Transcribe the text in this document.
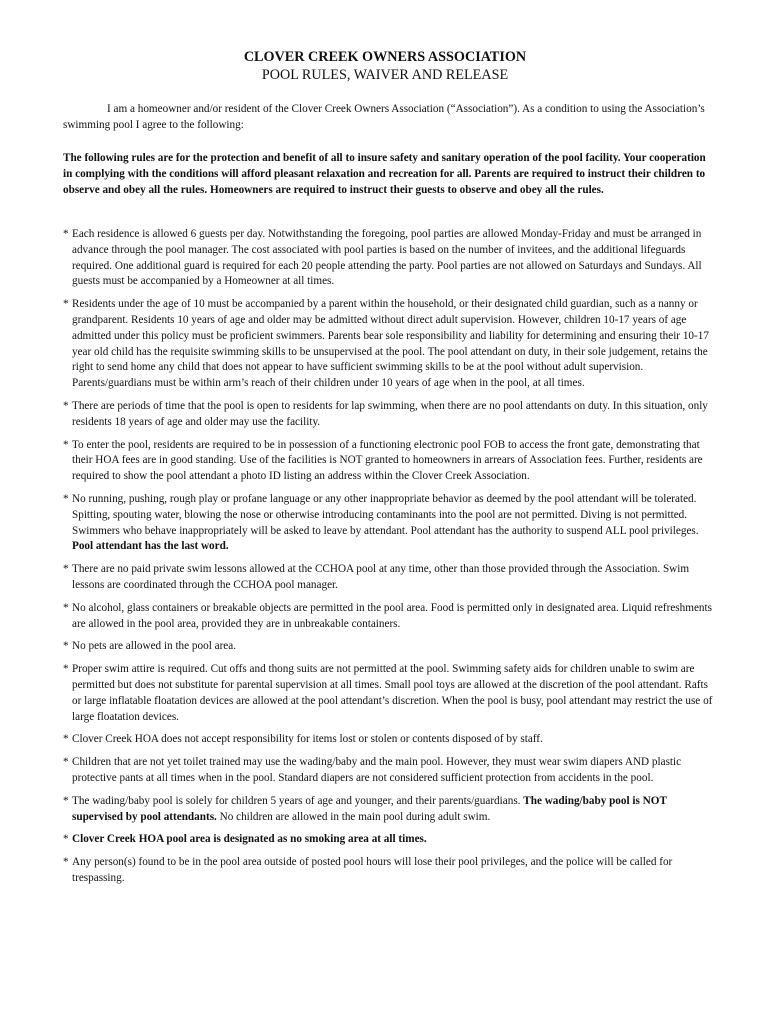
CLOVER CREEK OWNERS ASSOCIATION

POOL RULES, WAIVER AND RELEASE

I am a homeowner and/or resident of the Clover Creek Owners Association (“Association”). As a condition to using the Association’s swimming pool I agree to the following:

The following rules are for the protection and benefit of all to insure safety and sanitary operation of the pool facility. Your cooperation in complying with the conditions will afford pleasant relaxation and recreation for all. Parents are required to instruct their children to observe and obey all the rules. Homeowners are required to instruct their guests to observe and obey all the rules.

* Each residence is allowed 6 guests per day. Notwithstanding the foregoing, pool parties are allowed Monday-Friday and must be arranged in advance through the pool manager. The cost associated with pool parties is based on the number of invitees, and the additional lifeguards required. One additional guard is required for each 20 people attending the party. Pool parties are not allowed on Saturdays and Sundays. All guests must be accompanied by a Homeowner at all times.

* Residents under the age of 10 must be accompanied by a parent within the household, or their designated child guardian, such as a nanny or grandparent. Residents 10 years of age and older may be admitted without direct adult supervision. However, children 10-17 years of age admitted under this policy must be proficient swimmers. Parents bear sole responsibility and liability for determining and ensuring their 10-17 year old child has the requisite swimming skills to be unsupervised at the pool. The pool attendant on duty, in their sole judgement, retains the right to send home any child that does not appear to have sufficient swimming skills to be at the pool without adult supervision. Parents/guardians must be within arm’s reach of their children under 10 years of age when in the pool, at all times.

* There are periods of time that the pool is open to residents for lap swimming, when there are no pool attendants on duty. In this situation, only residents 18 years of age and older may use the facility.

* To enter the pool, residents are required to be in possession of a functioning electronic pool FOB to access the front gate, demonstrating that their HOA fees are in good standing. Use of the facilities is NOT granted to homeowners in arrears of Association fees. Further, residents are required to show the pool attendant a photo ID listing an address within the Clover Creek Association.

* No running, pushing, rough play or profane language or any other inappropriate behavior as deemed by the pool attendant will be tolerated. Spitting, spouting water, blowing the nose or otherwise introducing contaminants into the pool are not permitted. Diving is not permitted. Swimmers who behave inappropriately will be asked to leave by attendant. Pool attendant has the authority to suspend ALL pool privileges. Pool attendant has the last word.

* There are no paid private swim lessons allowed at the CCHOA pool at any time, other than those provided through the Association. Swim lessons are coordinated through the CCHOA pool manager.

* No alcohol, glass containers or breakable objects are permitted in the pool area. Food is permitted only in designated area. Liquid refreshments are allowed in the pool area, provided they are in unbreakable containers.

* No pets are allowed in the pool area.

* Proper swim attire is required. Cut offs and thong suits are not permitted at the pool. Swimming safety aids for children unable to swim are permitted but does not substitute for parental supervision at all times. Small pool toys are allowed at the discretion of the pool attendant. Rafts or large inflatable floatation devices are allowed at the pool attendant’s discretion. When the pool is busy, pool attendant may restrict the use of large floatation devices.

* Clover Creek HOA does not accept responsibility for items lost or stolen or contents disposed of by staff.

* Children that are not yet toilet trained may use the wading/baby and the main pool. However, they must wear swim diapers AND plastic protective pants at all times when in the pool. Standard diapers are not considered sufficient protection from accidents in the pool.

* The wading/baby pool is solely for children 5 years of age and younger, and their parents/guardians. The wading/baby pool is NOT supervised by pool attendants. No children are allowed in the main pool during adult swim.

* Clover Creek HOA pool area is designated as no smoking area at all times.

* Any person(s) found to be in the pool area outside of posted pool hours will lose their pool privileges, and the police will be called for trespassing.
